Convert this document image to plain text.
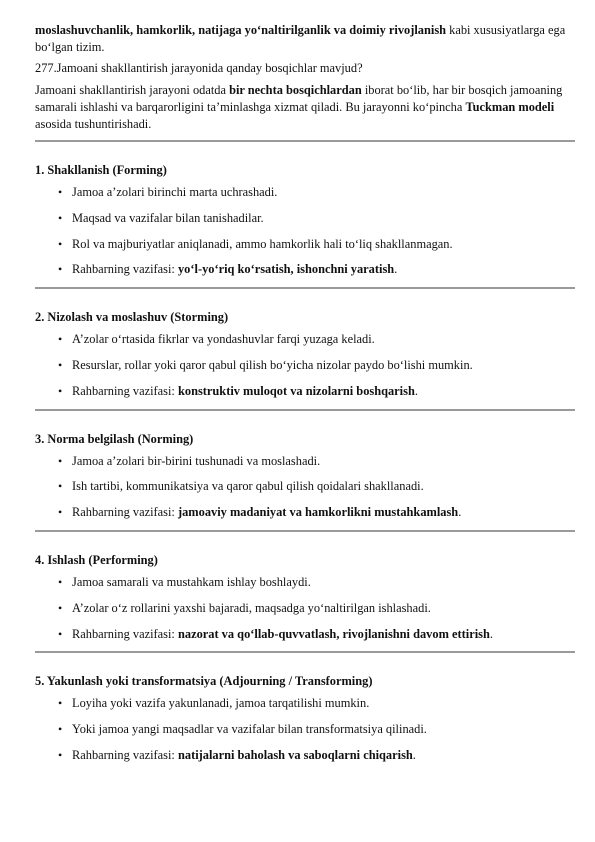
moslashuvchanlik, hamkorlik, natijaga yo‘naltirilganlik va doimiy rivojlanish kabi xususiyatlarga ega bo‘lgan tizim.

277.Jamoani shakllantirish jarayonida qanday bosqichlar mavjud?

Jamoani shakllantirish jarayoni odatda bir nechta bosqichlardan iborat bo‘lib, har bir bosqich jamoaning samarali ishlashi va barqarorligini ta’minlashga xizmat qiladi. Bu jarayonni ko‘pincha Tuckman modeli asosida tushuntirishadi.

1. Shakllanish (Forming)

• Jamoa a’zolari birinchi marta uchrashadi.
• Maqsad va vazifalar bilan tanishadilar.
• Rol va majburiyatlar aniqlanadi, ammo hamkorlik hali to‘liq shakllanmagan.
• Rahbarning vazifasi: yo‘l-yo‘riq ko‘rsatish, ishonchni yaratish.

2. Nizolash va moslashuv (Storming)

• A’zolar o‘rtasida fikrlar va yondashuvlar farqi yuzaga keladi.
• Resurslar, rollar yoki qaror qabul qilish bo‘yicha nizolar paydo bo‘lishi mumkin.
• Rahbarning vazifasi: konstruktiv muloqot va nizolarni boshqarish.

3. Norma belgilash (Norming)

• Jamoa a’zolari bir-birini tushunadi va moslashadi.
• Ish tartibi, kommunikatsiya va qaror qabul qilish qoidalari shakllanadi.
• Rahbarning vazifasi: jamoaviy madaniyat va hamkorlikni mustahkamlash.

4. Ishlash (Performing)

• Jamoa samarali va mustahkam ishlay boshlaydi.
• A’zolar o‘z rollarini yaxshi bajaradi, maqsadga yo‘naltirilgan ishlashadi.
• Rahbarning vazifasi: nazorat va qo‘llab-quvvatlash, rivojlanishni davom ettirish.

5. Yakunlash yoki transformatsiya (Adjourning / Transforming)

• Loyiha yoki vazifa yakunlanadi, jamoa tarqatilishi mumkin.
• Yoki jamoa yangi maqsadlar va vazifalar bilan transformatsiya qilinadi.
• Rahbarning vazifasi: natijalarni baholash va saboqlarni chiqarish.
